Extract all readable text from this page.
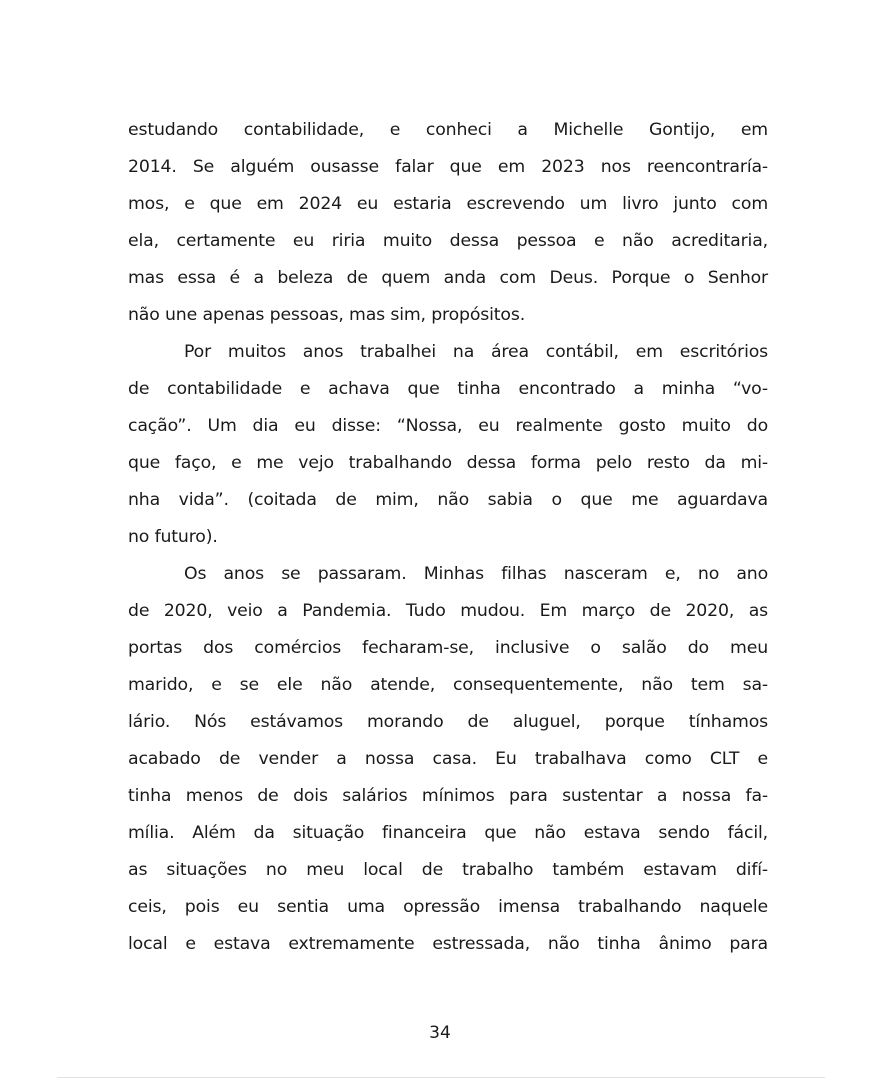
estudando contabilidade, e conheci a Michelle Gontijo, em
2014. Se alguém ousasse falar que em 2023 nos reencontraría-
mos, e que em 2024 eu estaria escrevendo um livro junto com
ela, certamente eu riria muito dessa pessoa e não acreditaria,
mas essa é a beleza de quem anda com Deus. Porque o Senhor
não une apenas pessoas, mas sim, propósitos.
Por muitos anos trabalhei na área contábil, em escritórios
de contabilidade e achava que tinha encontrado a minha “vo-
cação”. Um dia eu disse: “Nossa, eu realmente gosto muito do
que faço, e me vejo trabalhando dessa forma pelo resto da mi-
nha vida”. (coitada de mim, não sabia o que me aguardava
no futuro).
Os anos se passaram. Minhas filhas nasceram e, no ano
de 2020, veio a Pandemia. Tudo mudou. Em março de 2020, as
portas dos comércios fecharam-se, inclusive o salão do meu
marido, e se ele não atende, consequentemente, não tem sa-
lário. Nós estávamos morando de aluguel, porque tínhamos
acabado de vender a nossa casa. Eu trabalhava como CLT e
tinha menos de dois salários mínimos para sustentar a nossa fa-
mília. Além da situação financeira que não estava sendo fácil,
as situações no meu local de trabalho também estavam difí-
ceis, pois eu sentia uma opressão imensa trabalhando naquele
local e estava extremamente estressada, não tinha ânimo para
34
